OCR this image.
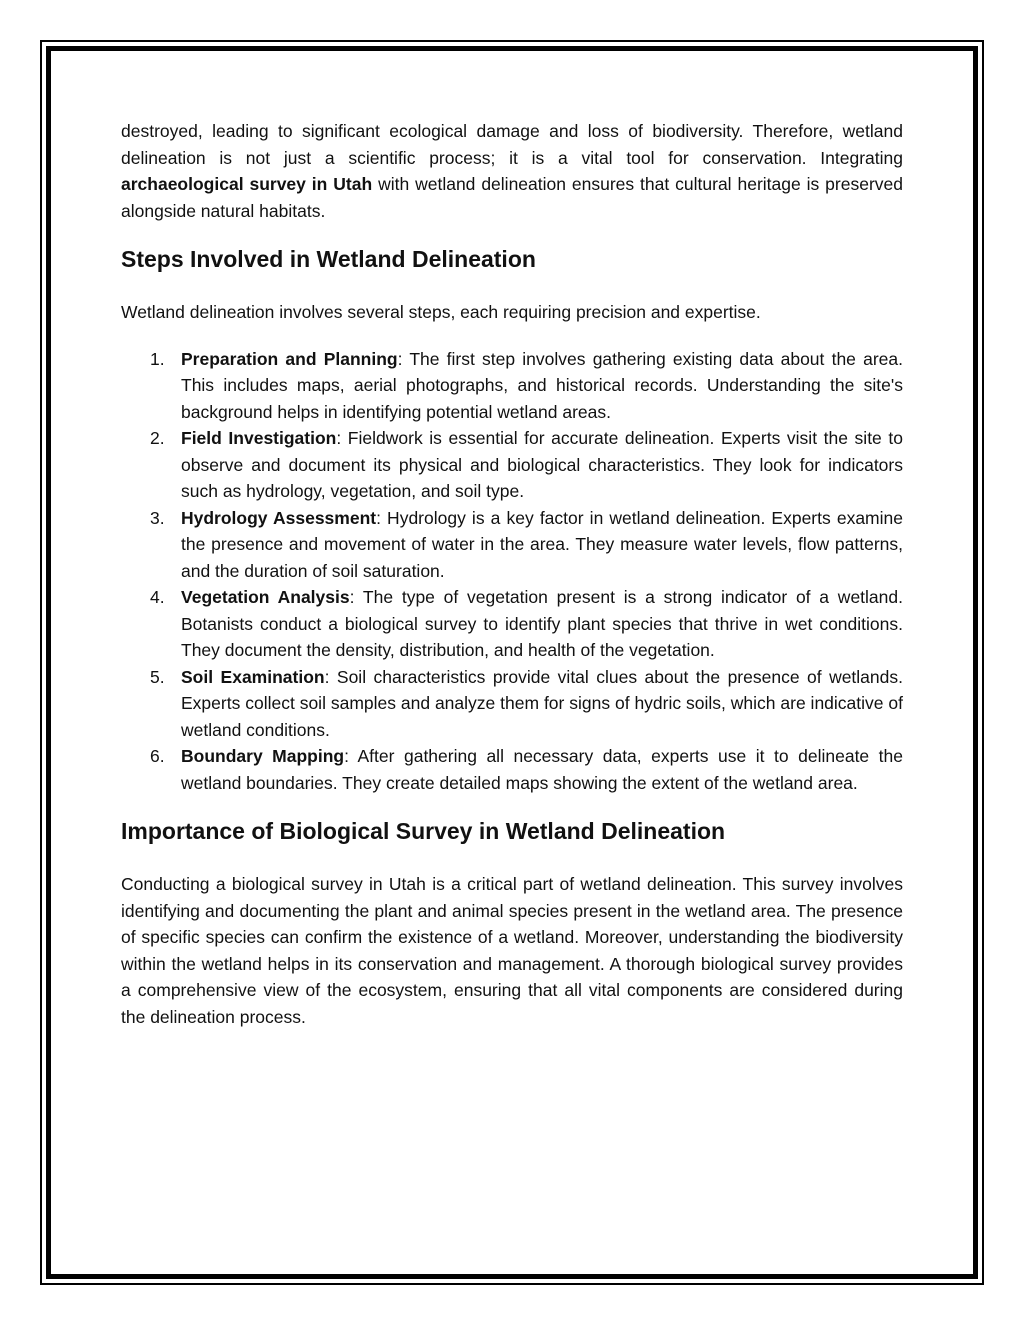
destroyed, leading to significant ecological damage and loss of biodiversity. Therefore, wetland delineation is not just a scientific process; it is a vital tool for conservation. Integrating archaeological survey in Utah with wetland delineation ensures that cultural heritage is preserved alongside natural habitats.

Steps Involved in Wetland Delineation

Wetland delineation involves several steps, each requiring precision and expertise.

1. Preparation and Planning: The first step involves gathering existing data about the area. This includes maps, aerial photographs, and historical records. Understanding the site's background helps in identifying potential wetland areas.
2. Field Investigation: Fieldwork is essential for accurate delineation. Experts visit the site to observe and document its physical and biological characteristics. They look for indicators such as hydrology, vegetation, and soil type.
3. Hydrology Assessment: Hydrology is a key factor in wetland delineation. Experts examine the presence and movement of water in the area. They measure water levels, flow patterns, and the duration of soil saturation.
4. Vegetation Analysis: The type of vegetation present is a strong indicator of a wetland. Botanists conduct a biological survey to identify plant species that thrive in wet conditions. They document the density, distribution, and health of the vegetation.
5. Soil Examination: Soil characteristics provide vital clues about the presence of wetlands. Experts collect soil samples and analyze them for signs of hydric soils, which are indicative of wetland conditions.
6. Boundary Mapping: After gathering all necessary data, experts use it to delineate the wetland boundaries. They create detailed maps showing the extent of the wetland area.
Importance of Biological Survey in Wetland Delineation

Conducting a biological survey in Utah is a critical part of wetland delineation. This survey involves identifying and documenting the plant and animal species present in the wetland area. The presence of specific species can confirm the existence of a wetland. Moreover, understanding the biodiversity within the wetland helps in its conservation and management. A thorough biological survey provides a comprehensive view of the ecosystem, ensuring that all vital components are considered during the delineation process.
